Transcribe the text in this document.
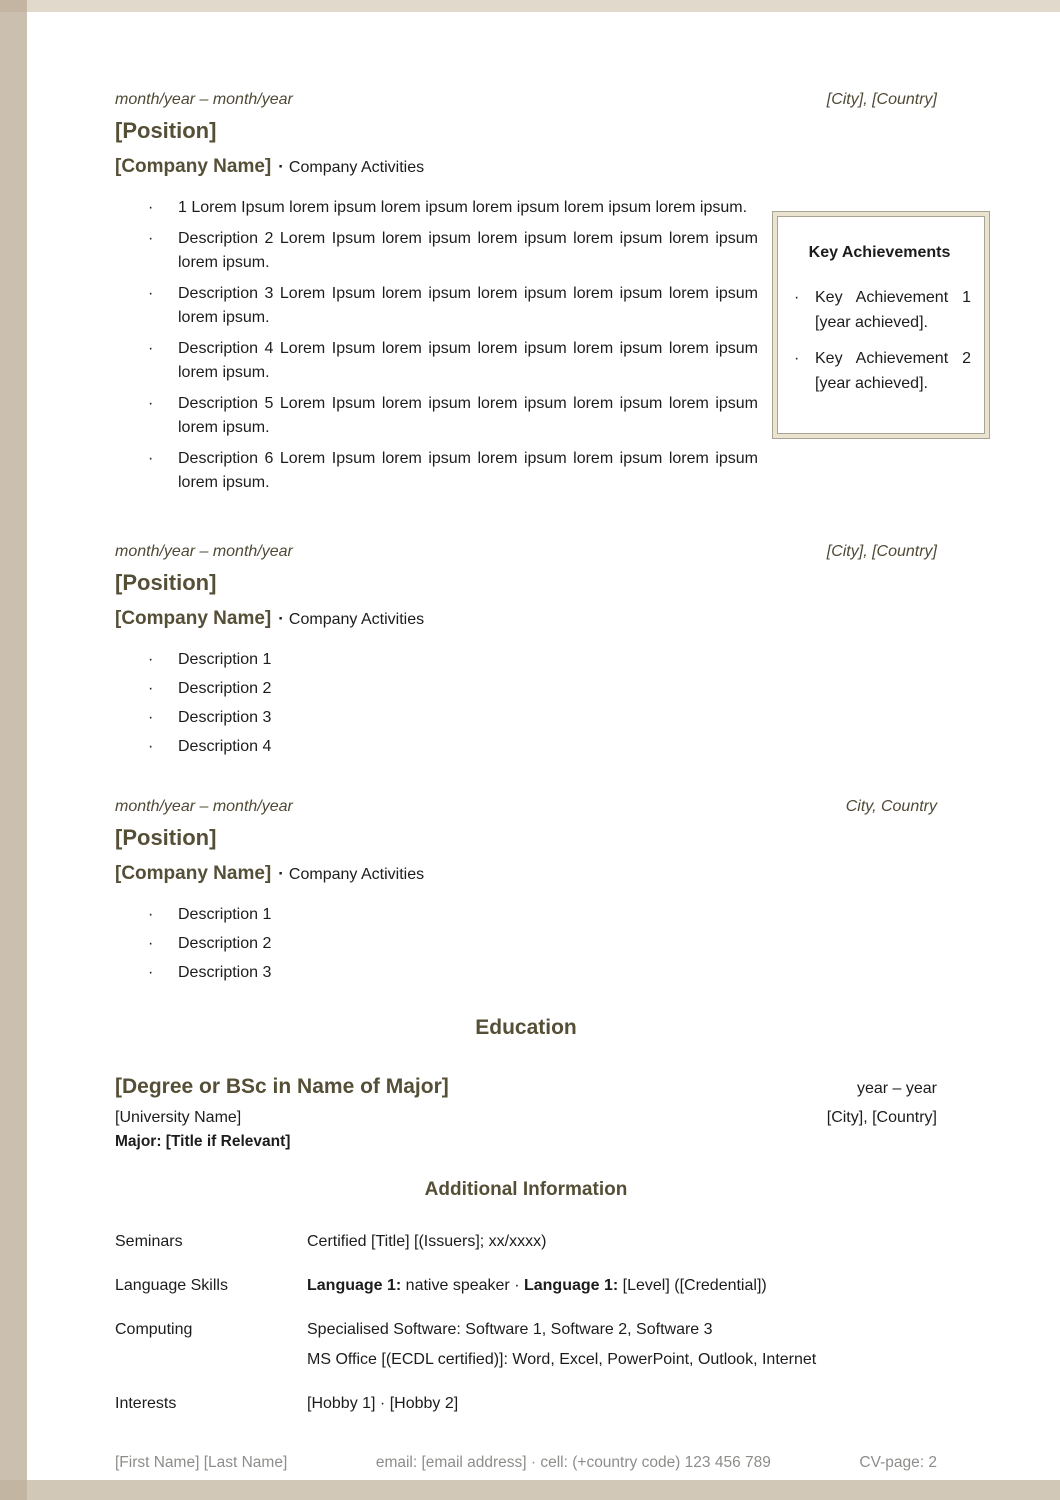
month/year – month/year	[City], [Country]
[Position]
[Company Name] · Company Activities
Key Achievements
· Key Achievement 1 [year achieved].
· Key Achievement 2 [year achieved].
· 1 Lorem Ipsum lorem ipsum lorem ipsum lorem ipsum lorem ipsum lorem ipsum.
· Description 2 Lorem Ipsum lorem ipsum lorem ipsum lorem ipsum lorem ipsum lorem ipsum.
· Description 3 Lorem Ipsum lorem ipsum lorem ipsum lorem ipsum lorem ipsum lorem ipsum.
· Description 4 Lorem Ipsum lorem ipsum lorem ipsum lorem ipsum lorem ipsum lorem ipsum.
· Description 5 Lorem Ipsum lorem ipsum lorem ipsum lorem ipsum lorem ipsum lorem ipsum.
· Description 6 Lorem Ipsum lorem ipsum lorem ipsum lorem ipsum lorem ipsum lorem ipsum.
month/year – month/year	[City], [Country]
[Position]
[Company Name] · Company Activities
· Description 1
· Description 2
· Description 3
· Description 4
month/year – month/year	City, Country
[Position]
[Company Name] · Company Activities
· Description 1
· Description 2
· Description 3
Education
[Degree or BSc in Name of Major]	year – year
[University Name]	[City], [Country]
Major: [Title if Relevant]
Additional Information
Seminars	Certified [Title] [(Issuers]; xx/xxxx)
Language Skills	Language 1: native speaker · Language 1: [Level] ([Credential])
Computing	Specialised Software: Software 1, Software 2, Software 3
MS Office [(ECDL certified)]: Word, Excel, PowerPoint, Outlook, Internet
Interests	[Hobby 1] · [Hobby 2]
[First Name] [Last Name]	email: [email address] · cell: (+country code) 123 456 789	CV-page: 2
